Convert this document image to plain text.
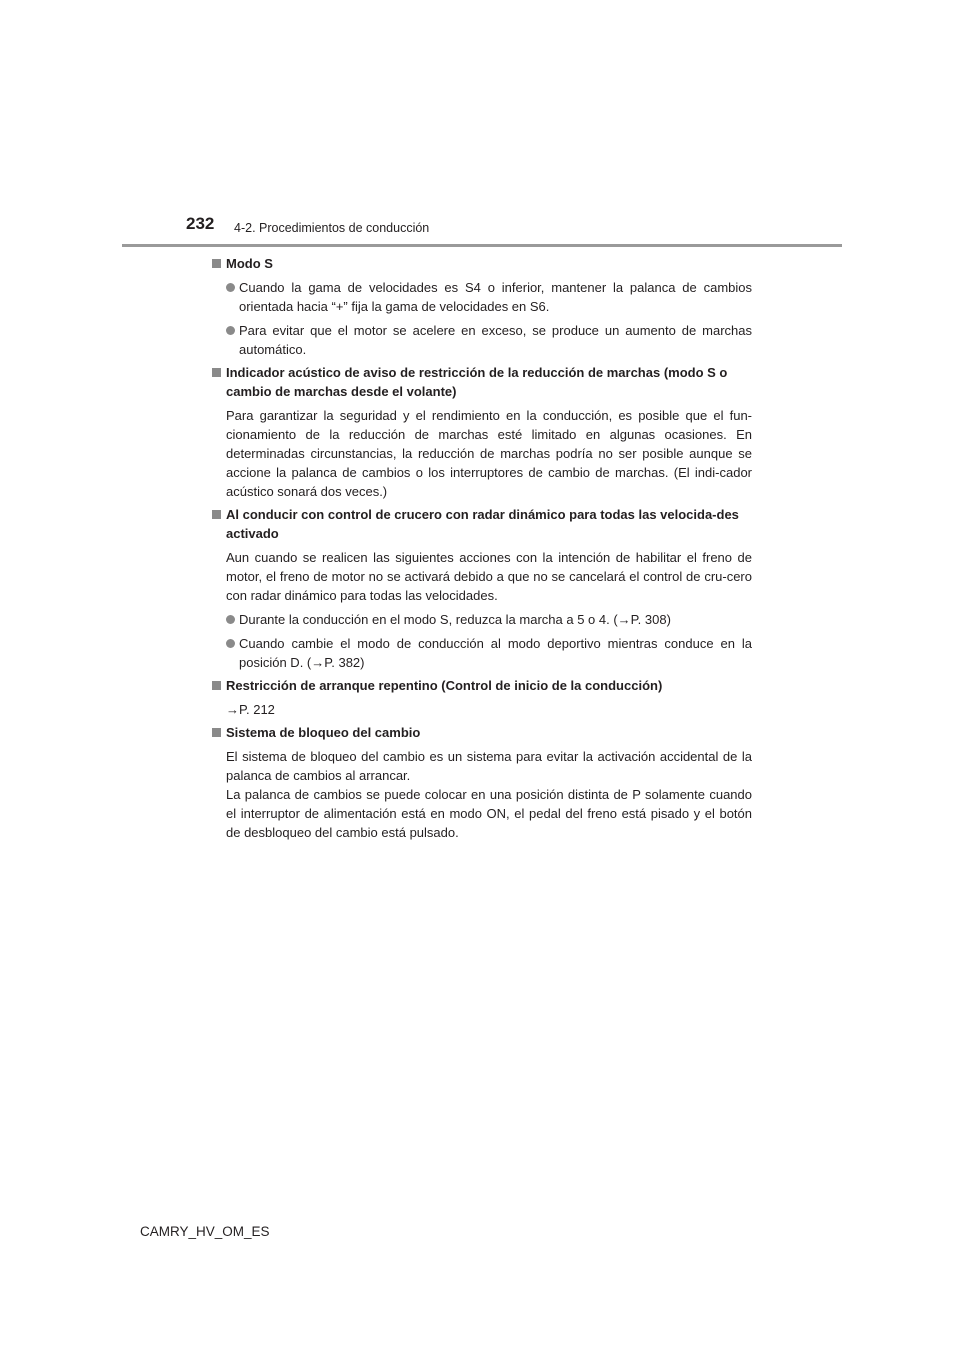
232 4-2. Procedimientos de conducción
Modo S
Cuando la gama de velocidades es S4 o inferior, mantener la palanca de cambios orientada hacia “+” fija la gama de velocidades en S6.
Para evitar que el motor se acelere en exceso, se produce un aumento de marchas automático.
Indicador acústico de aviso de restricción de la reducción de marchas (modo S o cambio de marchas desde el volante)
Para garantizar la seguridad y el rendimiento en la conducción, es posible que el fun-cionamiento de la reducción de marchas esté limitado en algunas ocasiones. En determinadas circunstancias, la reducción de marchas podría no ser posible aunque se accione la palanca de cambios o los interruptores de cambio de marchas. (El indi-cador acústico sonará dos veces.)
Al conducir con control de crucero con radar dinámico para todas las velocida-des activado
Aun cuando se realicen las siguientes acciones con la intención de habilitar el freno de motor, el freno de motor no se activará debido a que no se cancelará el control de cru-cero con radar dinámico para todas las velocidades.
Durante la conducción en el modo S, reduzca la marcha a 5 o 4. (→P. 308)
Cuando cambie el modo de conducción al modo deportivo mientras conduce en la posición D. (→P. 382)
Restricción de arranque repentino (Control de inicio de la conducción)
→P. 212
Sistema de bloqueo del cambio
El sistema de bloqueo del cambio es un sistema para evitar la activación accidental de la palanca de cambios al arrancar.
La palanca de cambios se puede colocar en una posición distinta de P solamente cuando el interruptor de alimentación está en modo ON, el pedal del freno está pisado y el botón de desbloqueo del cambio está pulsado.
CAMRY_HV_OM_ES
